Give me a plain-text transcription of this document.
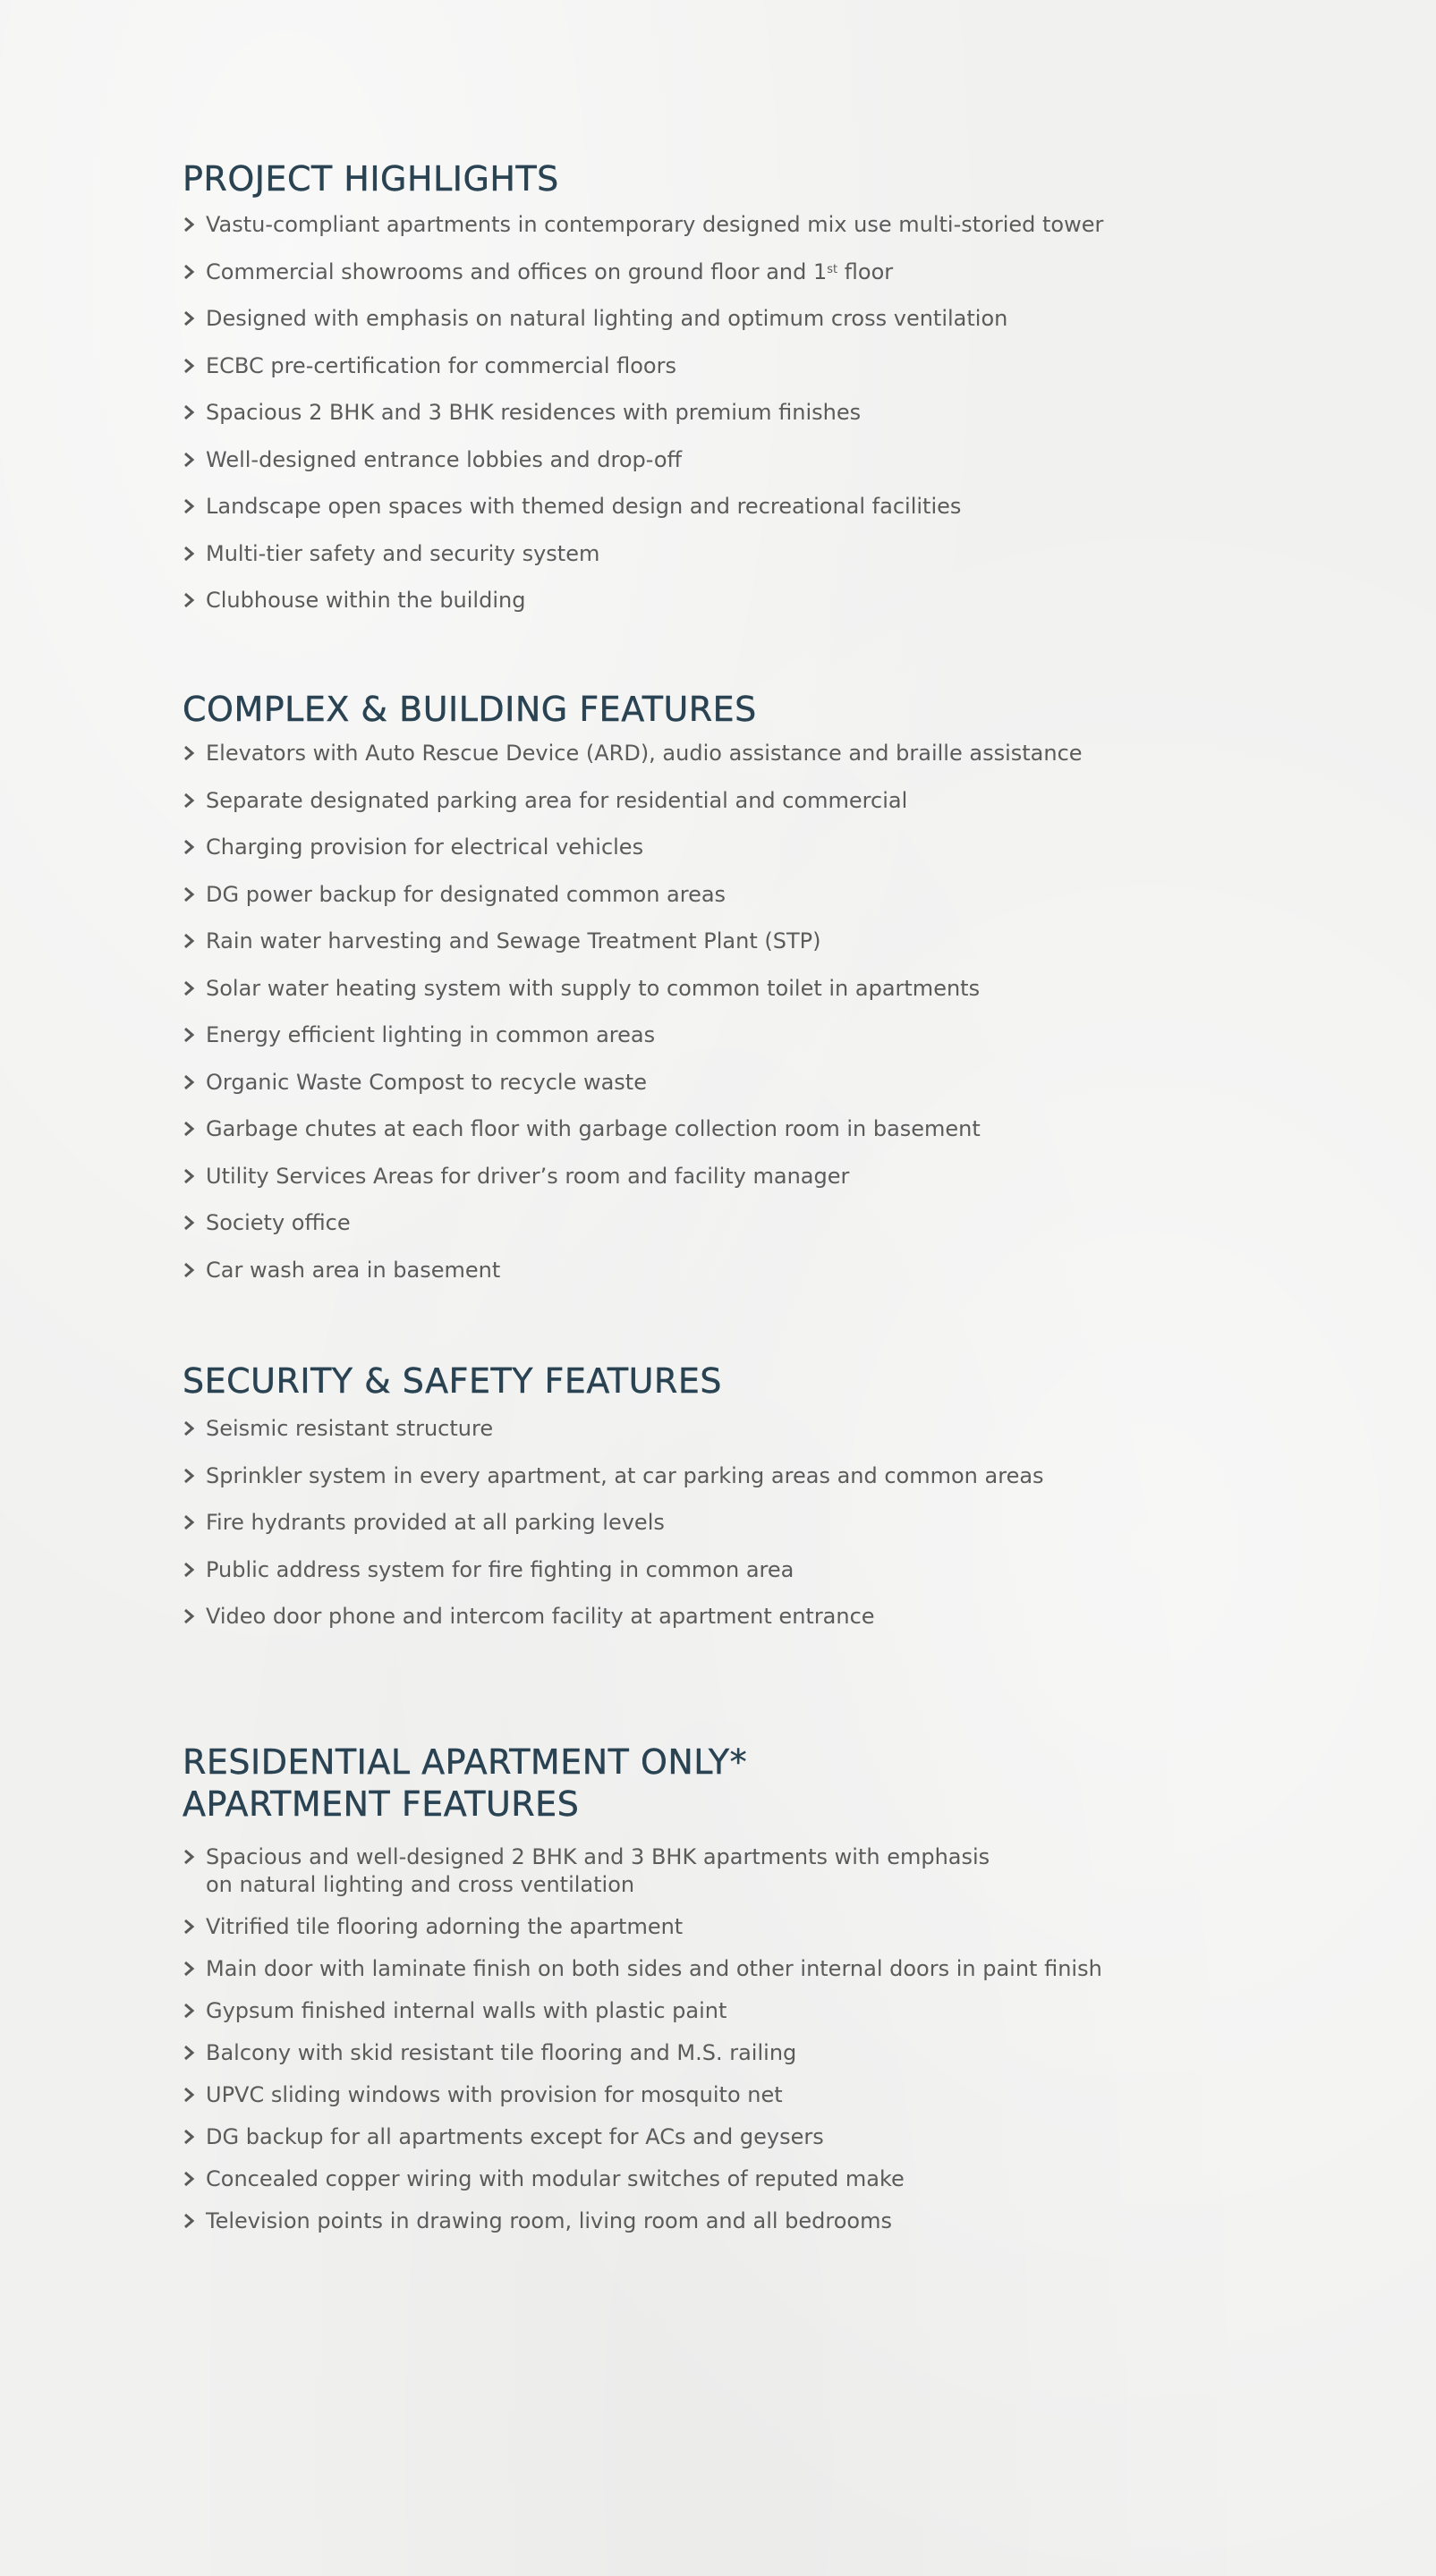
PROJECT HIGHLIGHTS
Vastu-compliant apartments in contemporary designed mix use multi-storied tower
Commercial showrooms and offices on ground floor and 1st floor
Designed with emphasis on natural lighting and optimum cross ventilation
ECBC pre-certification for commercial floors
Spacious 2 BHK and 3 BHK residences with premium finishes
Well-designed entrance lobbies and drop-off
Landscape open spaces with themed design and recreational facilities
Multi-tier safety and security system
Clubhouse within the building
COMPLEX & BUILDING FEATURES
Elevators with Auto Rescue Device (ARD), audio assistance and braille assistance
Separate designated parking area for residential and commercial
Charging provision for electrical vehicles
DG power backup for designated common areas
Rain water harvesting and Sewage Treatment Plant (STP)
Solar water heating system with supply to common toilet in apartments
Energy efficient lighting in common areas
Organic Waste Compost to recycle waste
Garbage chutes at each floor with garbage collection room in basement
Utility Services Areas for driver’s room and facility manager
Society office
Car wash area in basement
SECURITY & SAFETY FEATURES
Seismic resistant structure
Sprinkler system in every apartment, at car parking areas and common areas
Fire hydrants provided at all parking levels
Public address system for fire fighting in common area
Video door phone and intercom facility at apartment entrance
RESIDENTIAL APARTMENT ONLY*
APARTMENT FEATURES
Spacious and well-designed 2 BHK and 3 BHK apartments with emphasis
on natural lighting and cross ventilation
Vitrified tile flooring adorning the apartment
Main door with laminate finish on both sides and other internal doors in paint finish
Gypsum finished internal walls with plastic paint
Balcony with skid resistant tile flooring and M.S. railing
UPVC sliding windows with provision for mosquito net
DG backup for all apartments except for ACs and geysers
Concealed copper wiring with modular switches of reputed make
Television points in drawing room, living room and all bedrooms
